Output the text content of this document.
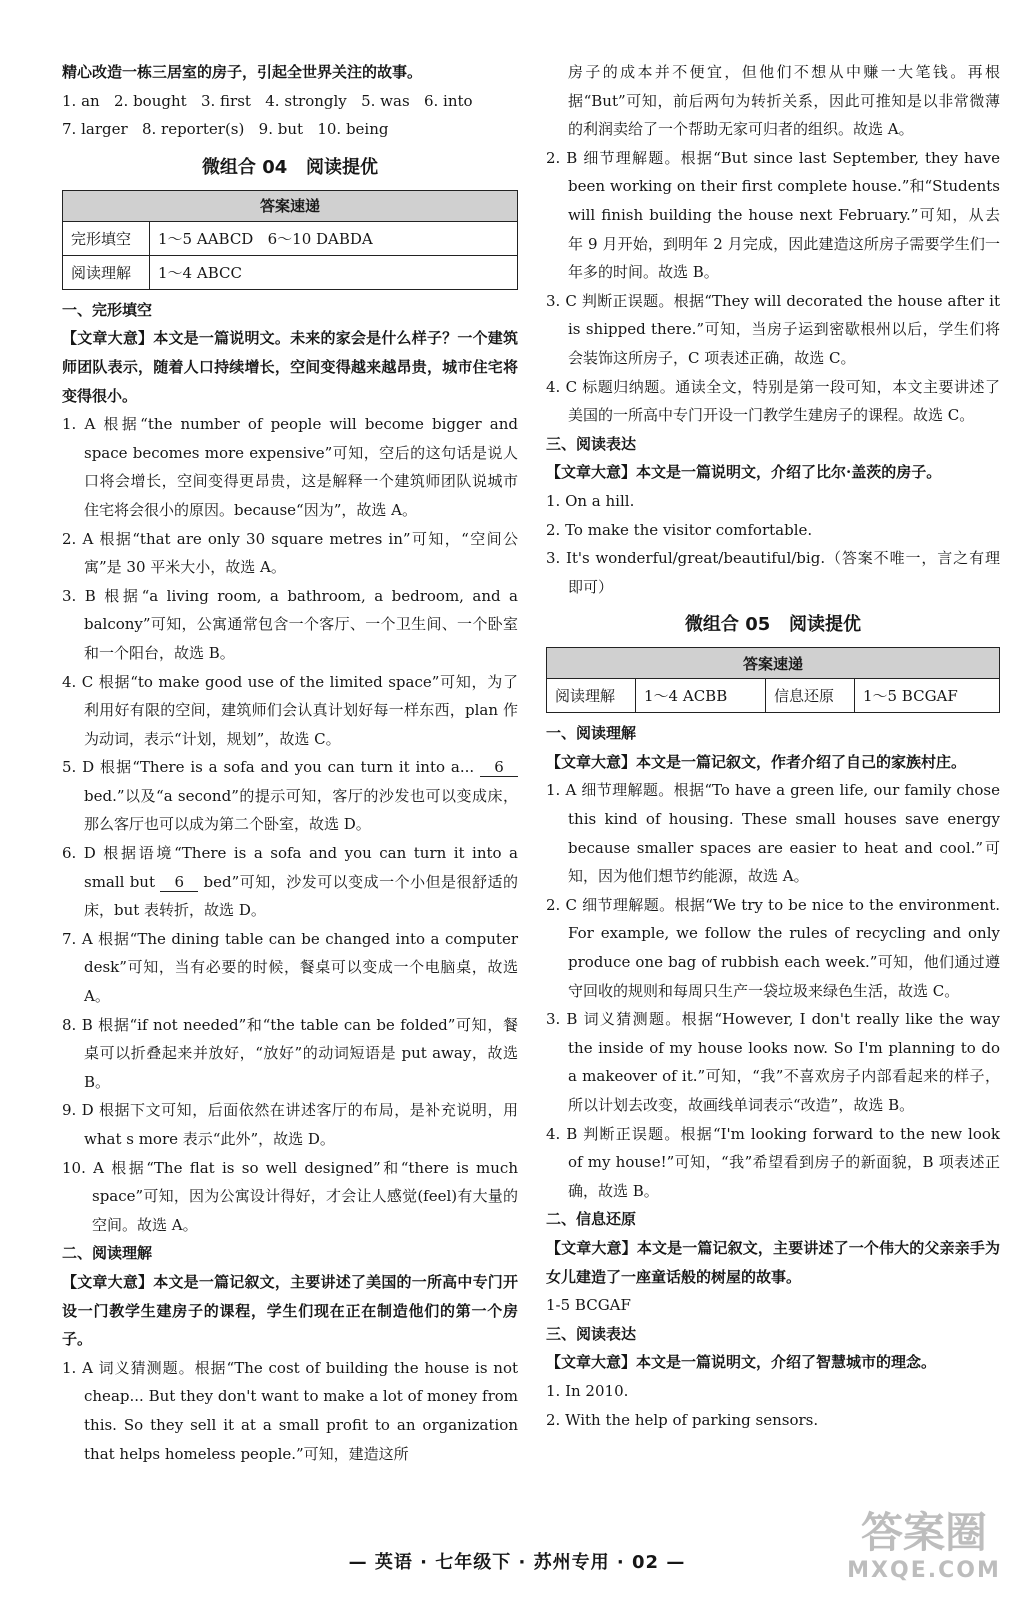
精心改造一栋三居室的房子，引起全世界关注的故事。

1. an   2. bought   3. first   4. strongly   5. was   6. into

7. larger   8. reporter(s)   9. but   10. being

微组合 04   阅读提优
答案速递	
完形填空	1～5 AABCD   6～10 DABDA
阅读理解	1～4 ABCC

一、完形填空

【文章大意】本文是一篇说明文。未来的家会是什么样子？一个建筑师团队表示，随着人口持续增长，空间变得越来越昂贵，城市住宅将变得很小。

1. A 根据“the number of people will become bigger and space becomes more expensive”可知，空后的这句话是说人口将会增长，空间变得更昂贵，这是解释一个建筑师团队说城市住宅将会很小的原因。because“因为”，故选 A。

2. A 根据“that are only 30 square metres in”可知，“空间公寓”是 30 平米大小，故选 A。

3. B 根据“a living room, a bathroom, a bedroom, and a balcony”可知，公寓通常包含一个客厅、一个卫生间、一个卧室和一个阳台，故选 B。

4. C 根据“to make good use of the limited space”可知，为了利用好有限的空间，建筑师们会认真计划好每一样东西，plan 作为动词，表示“计划，规划”，故选 C。

5. D 根据“There is a sofa and you can turn it into a... 6 bed.”以及“a second”的提示可知，客厅的沙发也可以变成床，那么客厅也可以成为第二个卧室，故选 D。

6. D 根据语境“There is a sofa and you can turn it into a small but 6 bed”可知，沙发可以变成一个小但是很舒适的床，but 表转折，故选 D。

7. A 根据“The dining table can be changed into a computer desk”可知，当有必要的时候，餐桌可以变成一个电脑桌，故选 A。

8. B 根据“if not needed”和“the table can be folded”可知，餐桌可以折叠起来并放好，“放好”的动词短语是 put away，故选 B。

9. D 根据下文可知，后面依然在讲述客厅的布局，是补充说明，用 what s more 表示“此外”，故选 D。

10. A 根据“The flat is so well designed”和“there is much space”可知，因为公寓设计得好，才会让人感觉(feel)有大量的空间。故选 A。

二、阅读理解

【文章大意】本文是一篇记叙文，主要讲述了美国的一所高中专门开设一门教学生建房子的课程，学生们现在正在制造他们的第一个房子。

1. A 词义猜测题。根据“The cost of building the house is not cheap... But they don't want to make a lot of money from this. So they sell it at a small profit to an organization that helps homeless people.”可知，建造这所

房子的成本并不便宜，但他们不想从中赚一大笔钱。再根据“But”可知，前后两句为转折关系，因此可推知是以非常微薄的利润卖给了一个帮助无家可归者的组织。故选 A。

2. B 细节理解题。根据“But since last September, they have been working on their first complete house.”和“Students will finish building the house next February.”可知，从去年 9 月开始，到明年 2 月完成，因此建造这所房子需要学生们一年多的时间。故选 B。

3. C 判断正误题。根据“They will decorated the house after it is shipped there.”可知，当房子运到密歇根州以后，学生们将会装饰这所房子，C 项表述正确，故选 C。

4. C 标题归纳题。通读全文，特别是第一段可知，本文主要讲述了美国的一所高中专门开设一门教学生建房子的课程。故选 C。

三、阅读表达

【文章大意】本文是一篇说明文，介绍了比尔·盖茨的房子。

1. On a hill.

2. To make the visitor comfortable.

3. It's wonderful/great/beautiful/big.（答案不唯一，言之有理即可）

微组合 05   阅读提优
答案速递
阅读理解	1～4 ACBB	信息还原	1～5 BCGAF

一、阅读理解

【文章大意】本文是一篇记叙文，作者介绍了自己的家族村庄。

1. A 细节理解题。根据“To have a green life, our family chose this kind of housing. These small houses save energy because smaller spaces are easier to heat and cool.”可知，因为他们想节约能源，故选 A。

2. C 细节理解题。根据“We try to be nice to the environment. For example, we follow the rules of recycling and only produce one bag of rubbish each week.”可知，他们通过遵守回收的规则和每周只生产一袋垃圾来绿色生活，故选 C。

3. B 词义猜测题。根据“However, I don't really like the way the inside of my house looks now. So I'm planning to do a makeover of it.”可知，“我”不喜欢房子内部看起来的样子，所以计划去改变，故画线单词表示“改造”，故选 B。

4. B 判断正误题。根据“I'm looking forward to the new look of my house!”可知，“我”希望看到房子的新面貌，B 项表述正确，故选 B。

二、信息还原

【文章大意】本文是一篇记叙文，主要讲述了一个伟大的父亲亲手为女儿建造了一座童话般的树屋的故事。

1-5 BCGAF

三、阅读表达

【文章大意】本文是一篇说明文，介绍了智慧城市的理念。

1. In 2010.

2. With the help of parking sensors.

— 英语 · 七年级下 · 苏州专用 · 02 —
答案圈
MXQE.COM
